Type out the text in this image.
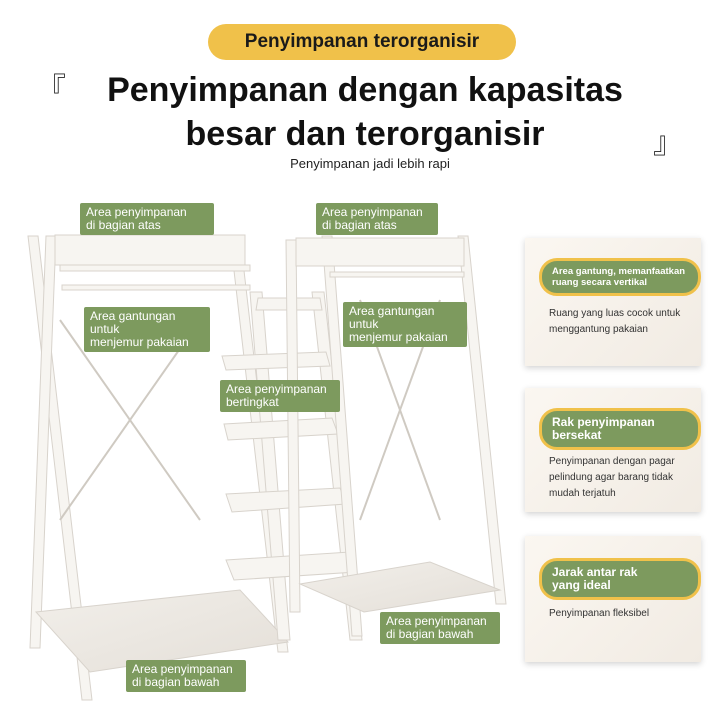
Penyimpanan terorganisir
『
』
Penyimpanan dengan kapasitas
besar dan terorganisir
Penyimpanan jadi lebih rapi
Area penyimpanan
di bagian atas
Area penyimpanan
di bagian atas
Area gantungan untuk
menjemur pakaian
Area gantungan untuk
menjemur pakaian
Area penyimpanan
bertingkat
Area penyimpanan
di bagian bawah
Area penyimpanan
di bagian bawah
Area gantung, memanfaatkan
ruang secara vertikal
Ruang yang luas cocok untuk
menggantung pakaian
Rak penyimpanan
bersekat
Penyimpanan dengan pagar
pelindung agar barang tidak
mudah terjatuh
Jarak antar rak
yang ideal
Penyimpanan fleksibel
